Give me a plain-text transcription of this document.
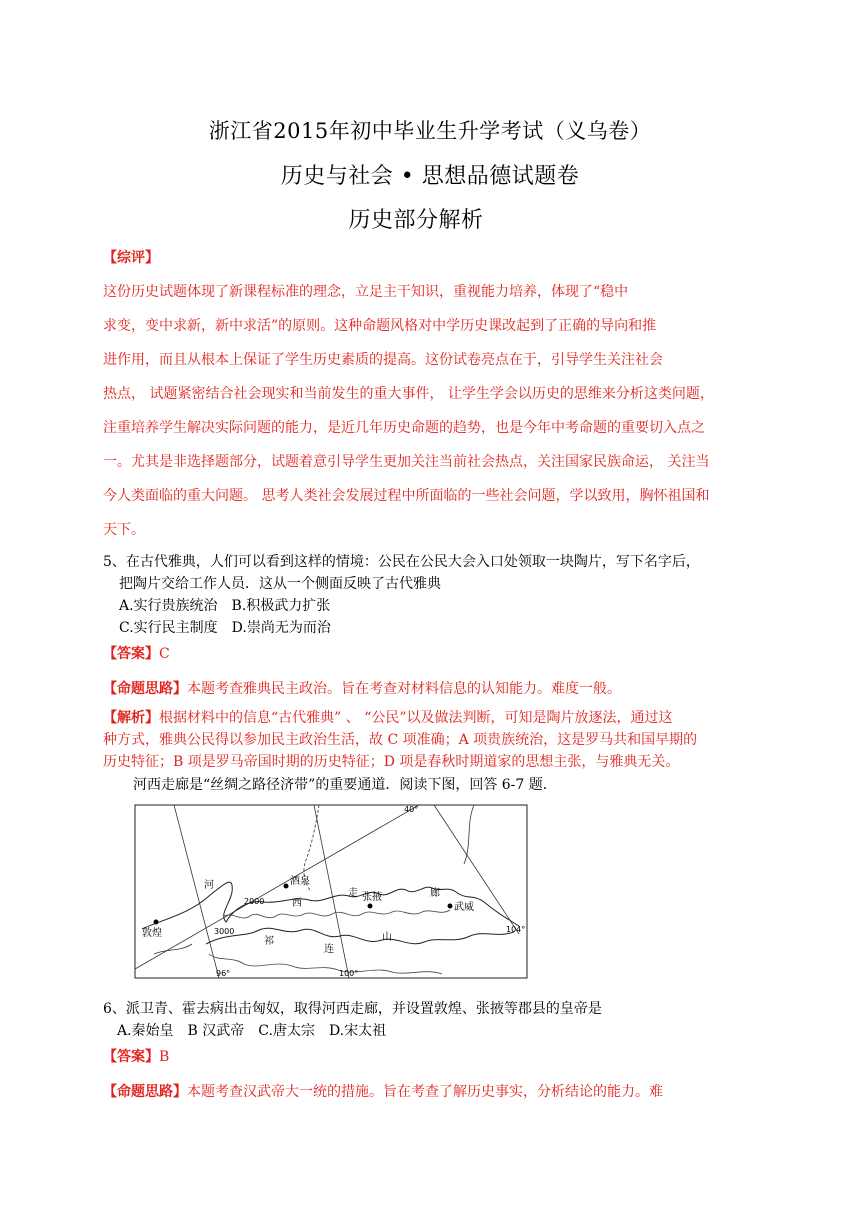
浙江省2015年初中毕业生升学考试（义乌卷）
历史与社会 • 思想品德试题卷
历史部分解析
【综评】
这份历史试题体现了新课程标准的理念，立足主干知识，重视能力培养，体现了“稳中
求变，变中求新，新中求活”的原则。这种命题风格对中学历史课改起到了正确的导向和推
进作用，而且从根本上保证了学生历史素质的提高。这份试卷亮点在于，引导学生关注社会
热点， 试题紧密结合社会现实和当前发生的重大事件， 让学生学会以历史的思维来分析这类问题，
注重培养学生解决实际问题的能力，是近几年历史命题的趋势，也是今年中考命题的重要切入点之
一。尤其是非选择题部分，试题着意引导学生更加关注当前社会热点，关注国家民族命运， 关注当
今人类面临的重大问题。 思考人类社会发展过程中所面临的一些社会问题，学以致用，胸怀祖国和
天下。
5、在古代雅典，人们可以看到这样的情境：公民在公民大会入口处领取一块陶片，写下名字后，
把陶片交给工作人员．这从一个侧面反映了古代雅典
A.实行贵族统治　B.积极武力扩张
C.实行民主制度　D.崇尚无为而治
【答案】C
【命题思路】本题考查雅典民主政治。旨在考查对材料信息的认知能力。难度一般。
【解析】根据材料中的信息“古代雅典” 、 “公民”以及做法判断，可知是陶片放逐法，通过这
种方式，雅典公民得以参加民主政治生活，故 C 项准确；A 项贵族统治，这是罗马共和国早期的
历史特征；B 项是罗马帝国时期的历史特征；D 项是春秋时期道家的思想主张，与雅典无关。
河西走廊是“丝绸之路径济带”的重要通道．阅读下图，回答 6-7 题．
敦煌
酒泉
张掖
武威
河
西
走	廊
祁
连
山
2000
3000
40°
96°	100°
104°
6、派卫青、霍去病出击匈奴，取得河西走廊，并设置敦煌、张掖等郡县的皇帝是
A.秦始皇　B 汉武帝　C.唐太宗　D.宋太祖
【答案】B
【命题思路】本题考查汉武帝大一统的措施。旨在考查了解历史事实，分析结论的能力。难
